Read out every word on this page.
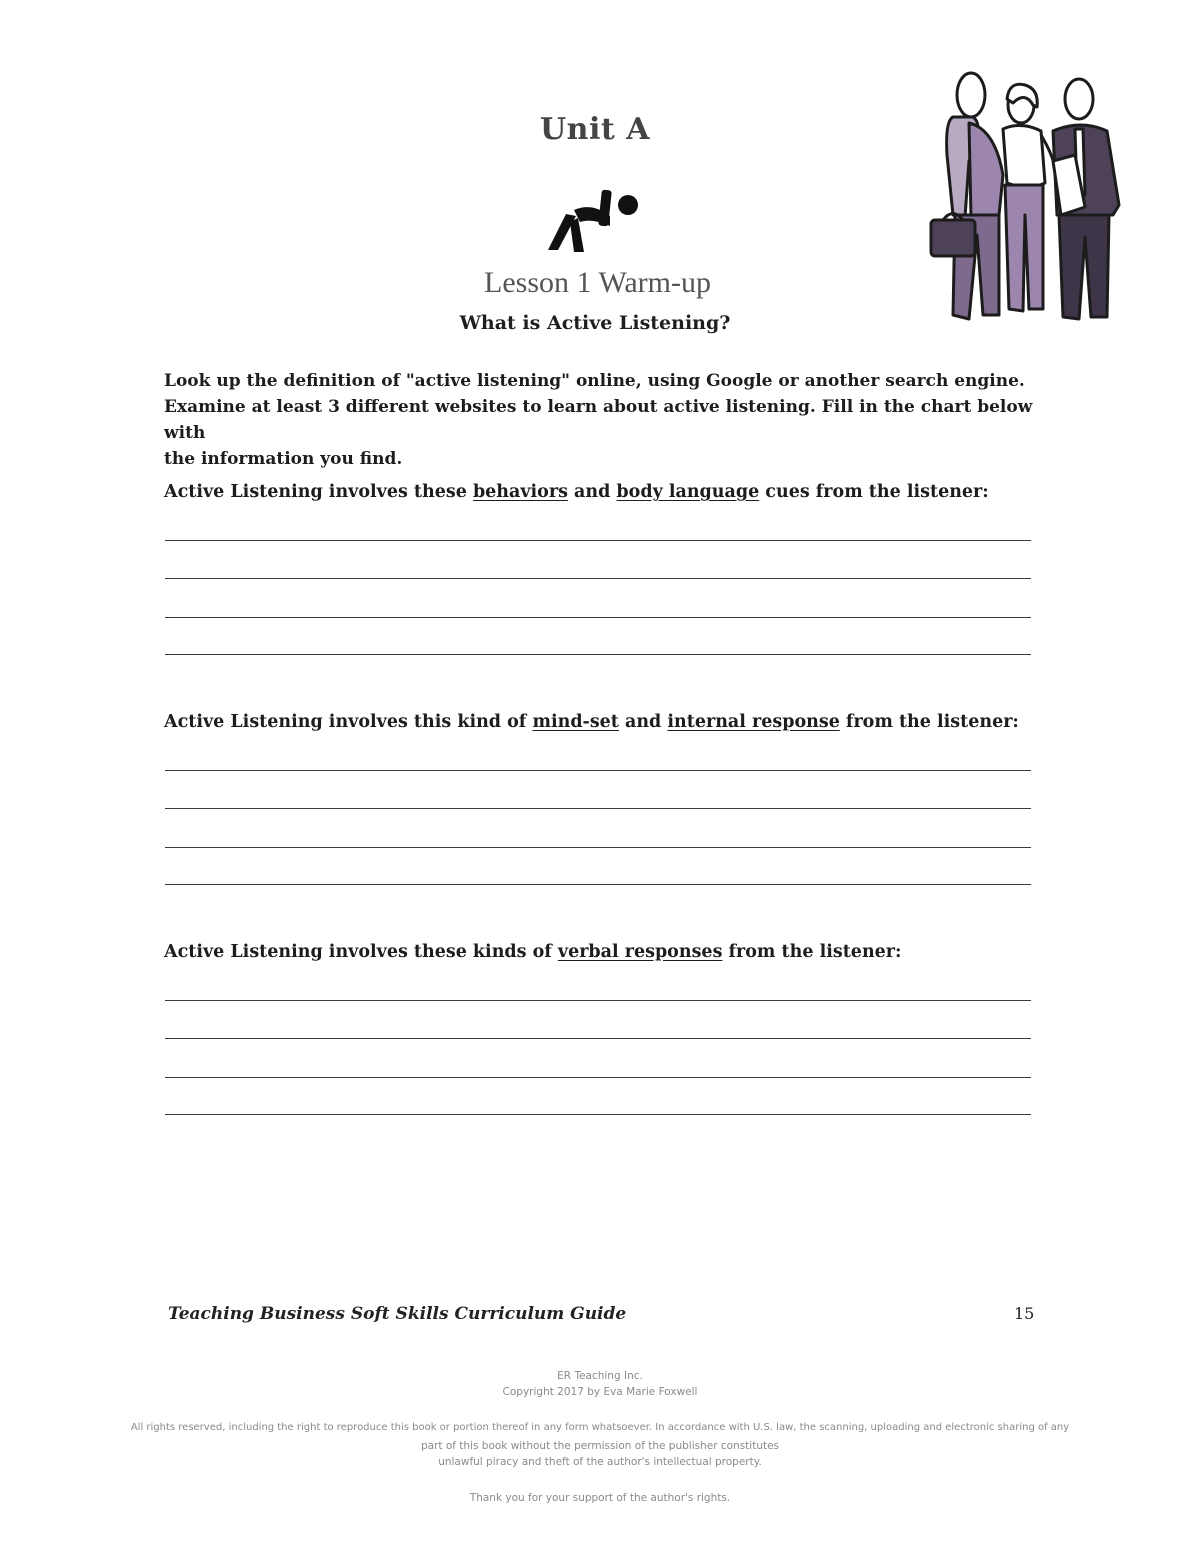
Unit A
Lesson 1 Warm-up
What is Active Listening?
Look up the definition of "active listening" online, using Google or another search engine.
Examine at least 3 different websites to learn about active listening. Fill in the chart below with
the information you find.
Active Listening involves these behaviors and body language cues from the listener:
Active Listening involves this kind of mind-set and internal response from the listener:
Active Listening involves these kinds of verbal responses from the listener:
Teaching Business Soft Skills Curriculum Guide	15
ER Teaching Inc.
Copyright 2017 by Eva Marie Foxwell
All rights reserved, including the right to reproduce this book or portion thereof in any form whatsoever. In accordance with U.S. law, the scanning, uploading and electronic sharing of any
part of this book without the permission of the publisher constitutes
unlawful piracy and theft of the author's intellectual property.
Thank you for your support of the author's rights.
